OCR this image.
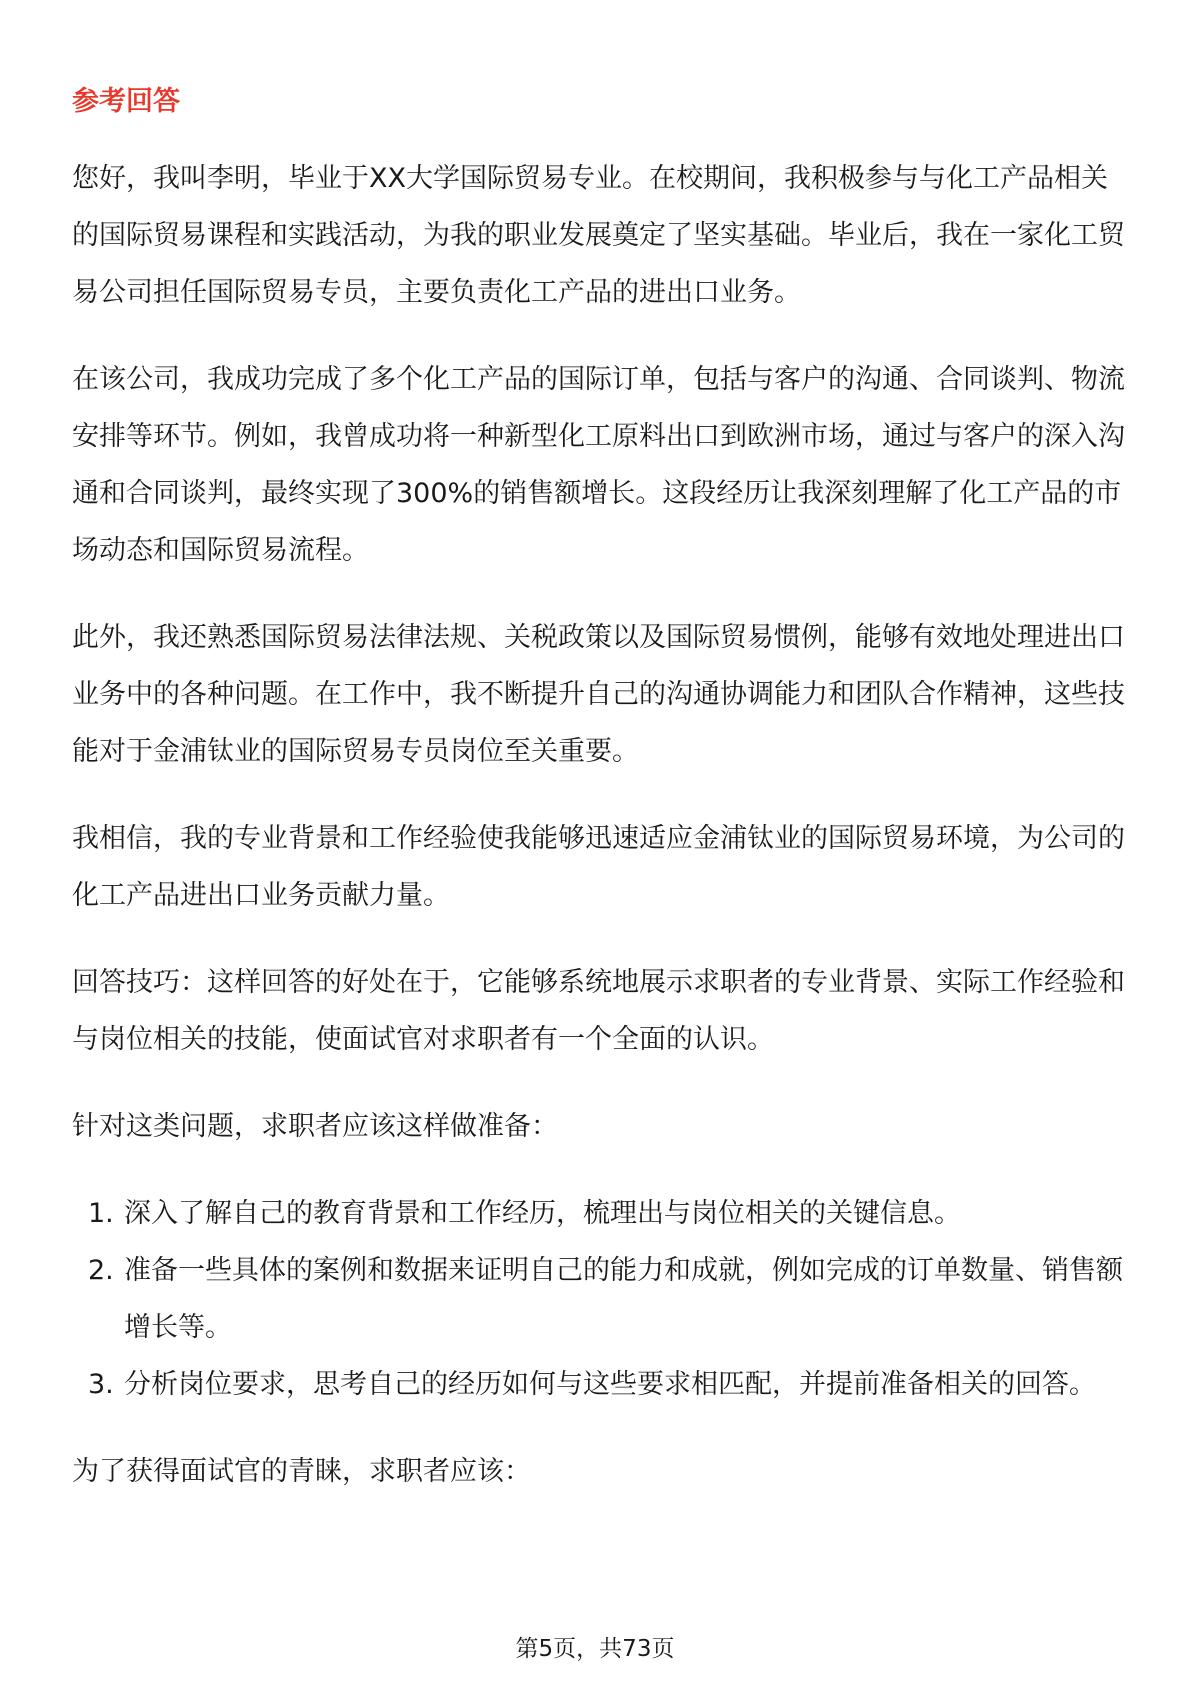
参考回答

您好，我叫李明，毕业于XX大学国际贸易专业。在校期间，我积极参与与化工产品相关的国际贸易课程和实践活动，为我的职业发展奠定了坚实基础。毕业后，我在一家化工贸易公司担任国际贸易专员，主要负责化工产品的进出口业务。

在该公司，我成功完成了多个化工产品的国际订单，包括与客户的沟通、合同谈判、物流安排等环节。例如，我曾成功将一种新型化工原料出口到欧洲市场，通过与客户的深入沟通和合同谈判，最终实现了300%的销售额增长。这段经历让我深刻理解了化工产品的市场动态和国际贸易流程。

此外，我还熟悉国际贸易法律法规、关税政策以及国际贸易惯例，能够有效地处理进出口业务中的各种问题。在工作中，我不断提升自己的沟通协调能力和团队合作精神，这些技能对于金浦钛业的国际贸易专员岗位至关重要。

我相信，我的专业背景和工作经验使我能够迅速适应金浦钛业的国际贸易环境，为公司的化工产品进出口业务贡献力量。

回答技巧：这样回答的好处在于，它能够系统地展示求职者的专业背景、实际工作经验和与岗位相关的技能，使面试官对求职者有一个全面的认识。

针对这类问题，求职者应该这样做准备：

1. 深入了解自己的教育背景和工作经历，梳理出与岗位相关的关键信息。
2. 准备一些具体的案例和数据来证明自己的能力和成就，例如完成的订单数量、销售额增长等。
3. 分析岗位要求，思考自己的经历如何与这些要求相匹配，并提前准备相关的回答。

为了获得面试官的青睐，求职者应该：

第5页，共73页
